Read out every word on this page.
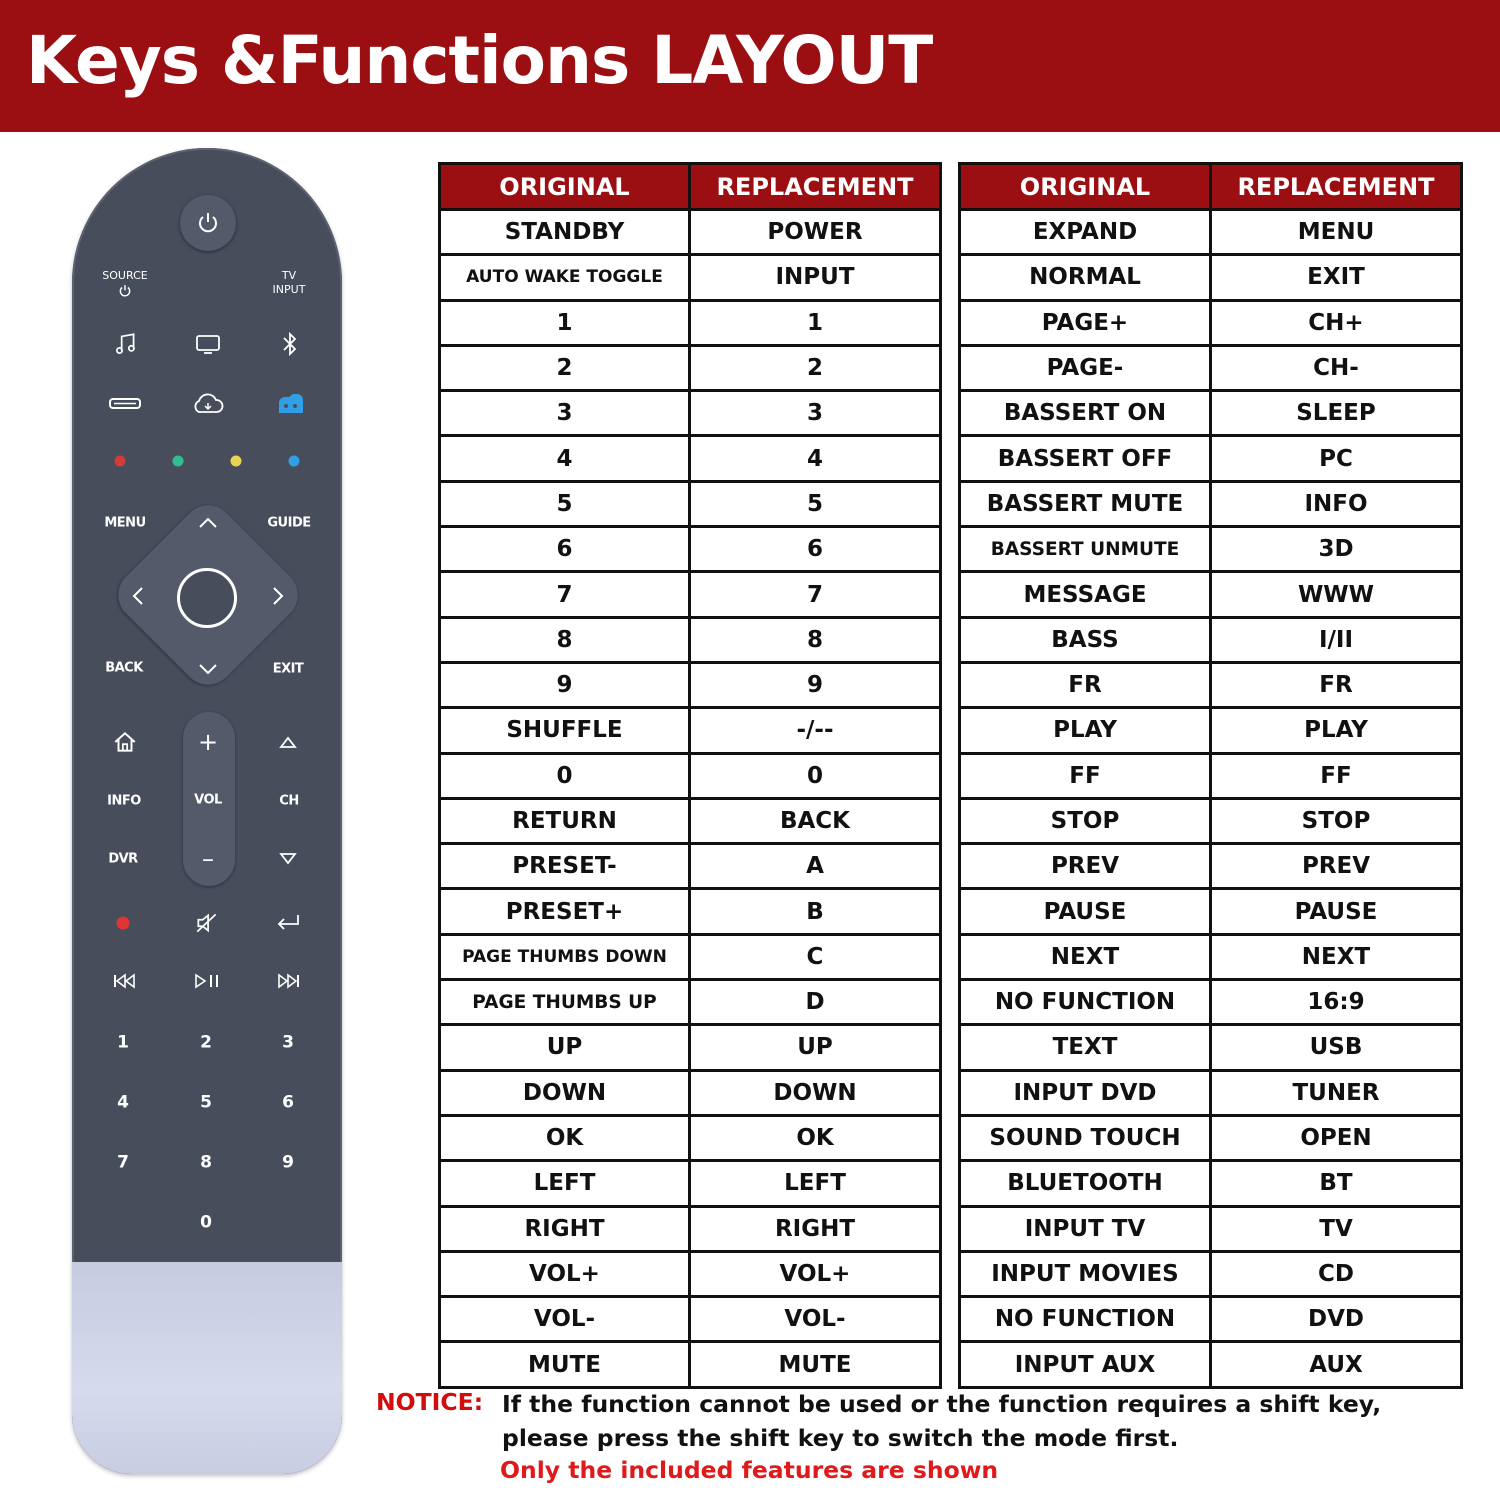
Keys &Functions LAYOUT
SOURCE	TV
INPUT
MENU	GUIDE
BACK	EXIT
+
VOL
–
INFO	CH
DVR
1	2	3
4	5	6
7	8	9
0
ORIGINAL	REPLACEMENT
STANDBY	POWER
AUTO WAKE TOGGLE	INPUT
1	1
2	2
3	3
4	4
5	5
6	6
7	7
8	8
9	9
SHUFFLE	-/--
0	0
RETURN	BACK
PRESET-	A
PRESET+	B
PAGE THUMBS DOWN	C
PAGE THUMBS UP	D
UP	UP
DOWN	DOWN
OK	OK
LEFT	LEFT
RIGHT	RIGHT
VOL+	VOL+
VOL-	VOL-
MUTE	MUTE
ORIGINAL	REPLACEMENT
EXPAND	MENU
NORMAL	EXIT
PAGE+	CH+
PAGE-	CH-
BASSERT ON	SLEEP
BASSERT OFF	PC
BASSERT MUTE	INFO
BASSERT UNMUTE	3D
MESSAGE	WWW
BASS	I/II
FR	FR
PLAY	PLAY
FF	FF
STOP	STOP
PREV	PREV
PAUSE	PAUSE
NEXT	NEXT
NO FUNCTION	16:9
TEXT	USB
INPUT DVD	TUNER
SOUND TOUCH	OPEN
BLUETOOTH	BT
INPUT TV	TV
INPUT MOVIES	CD
NO FUNCTION	DVD
INPUT AUX	AUX
NOTICE: If the function cannot be used or the function requires a shift key,
please press the shift key to switch the mode first.
Only the included features are shown
